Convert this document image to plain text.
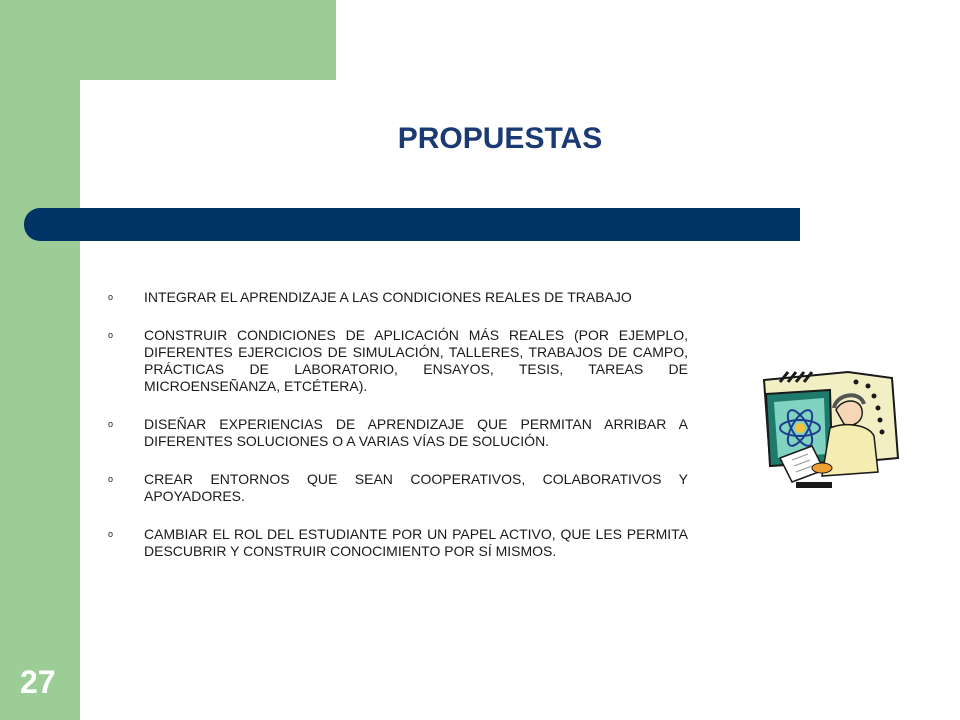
PROPUESTAS
o INTEGRAR EL APRENDIZAJE A LAS CONDICIONES REALES DE TRABAJO
o CONSTRUIR CONDICIONES DE APLICACIÓN MÁS REALES (POR EJEMPLO, DIFERENTES EJERCICIOS DE SIMULACIÓN, TALLERES, TRABAJOS DE CAMPO, PRÁCTICAS DE LABORATORIO, ENSAYOS, TESIS, TAREAS DE MICROENSEÑANZA, ETCÉTERA).
o DISEÑAR EXPERIENCIAS DE APRENDIZAJE QUE PERMITAN ARRIBAR A DIFERENTES SOLUCIONES O A VARIAS VÍAS DE SOLUCIÓN.
o CREAR ENTORNOS QUE SEAN COOPERATIVOS, COLABORATIVOS Y APOYADORES.
o CAMBIAR EL ROL DEL ESTUDIANTE POR UN PAPEL ACTIVO, QUE LES PERMITA DESCUBRIR Y CONSTRUIR CONOCIMIENTO POR SÍ MISMOS.
27
